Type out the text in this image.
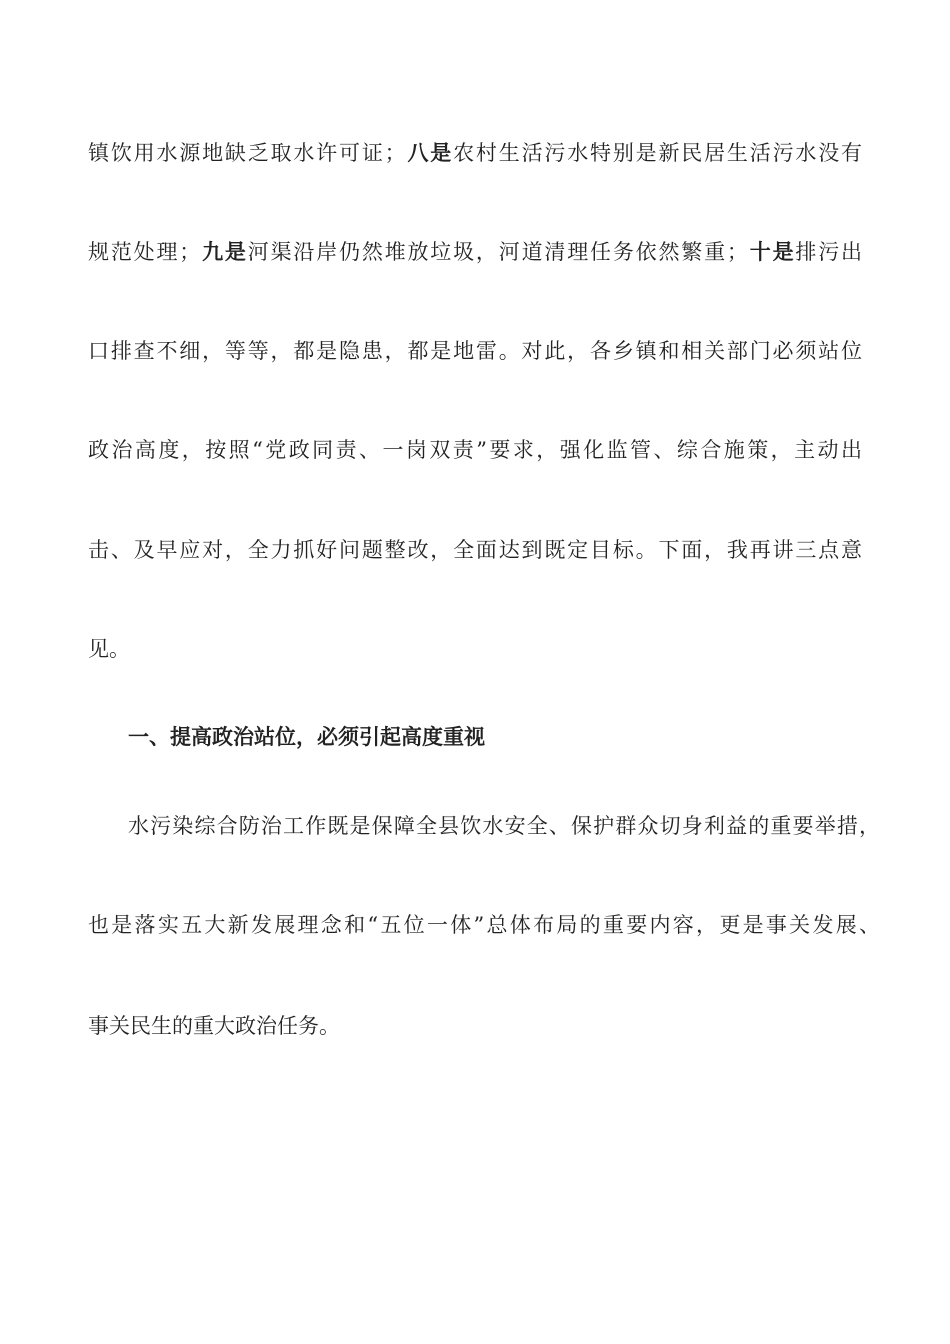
镇饮用水源地缺乏取水许可证；八是农村生活污水特别是新民居生活污水没有
规范处理；九是河渠沿岸仍然堆放垃圾，河道清理任务依然繁重；十是排污出
口排查不细，等等，都是隐患，都是地雷。对此，各乡镇和相关部门必须站位
政治高度，按照“党政同责、一岗双责”要求，强化监管、综合施策，主动出
击、及早应对，全力抓好问题整改，全面达到既定目标。下面，我再讲三点意
见。
一、提高政治站位，必须引起高度重视
水污染综合防治工作既是保障全县饮水安全、保护群众切身利益的重要举措，
也是落实五大新发展理念和“五位一体”总体布局的重要内容，更是事关发展、
事关民生的重大政治任务。
